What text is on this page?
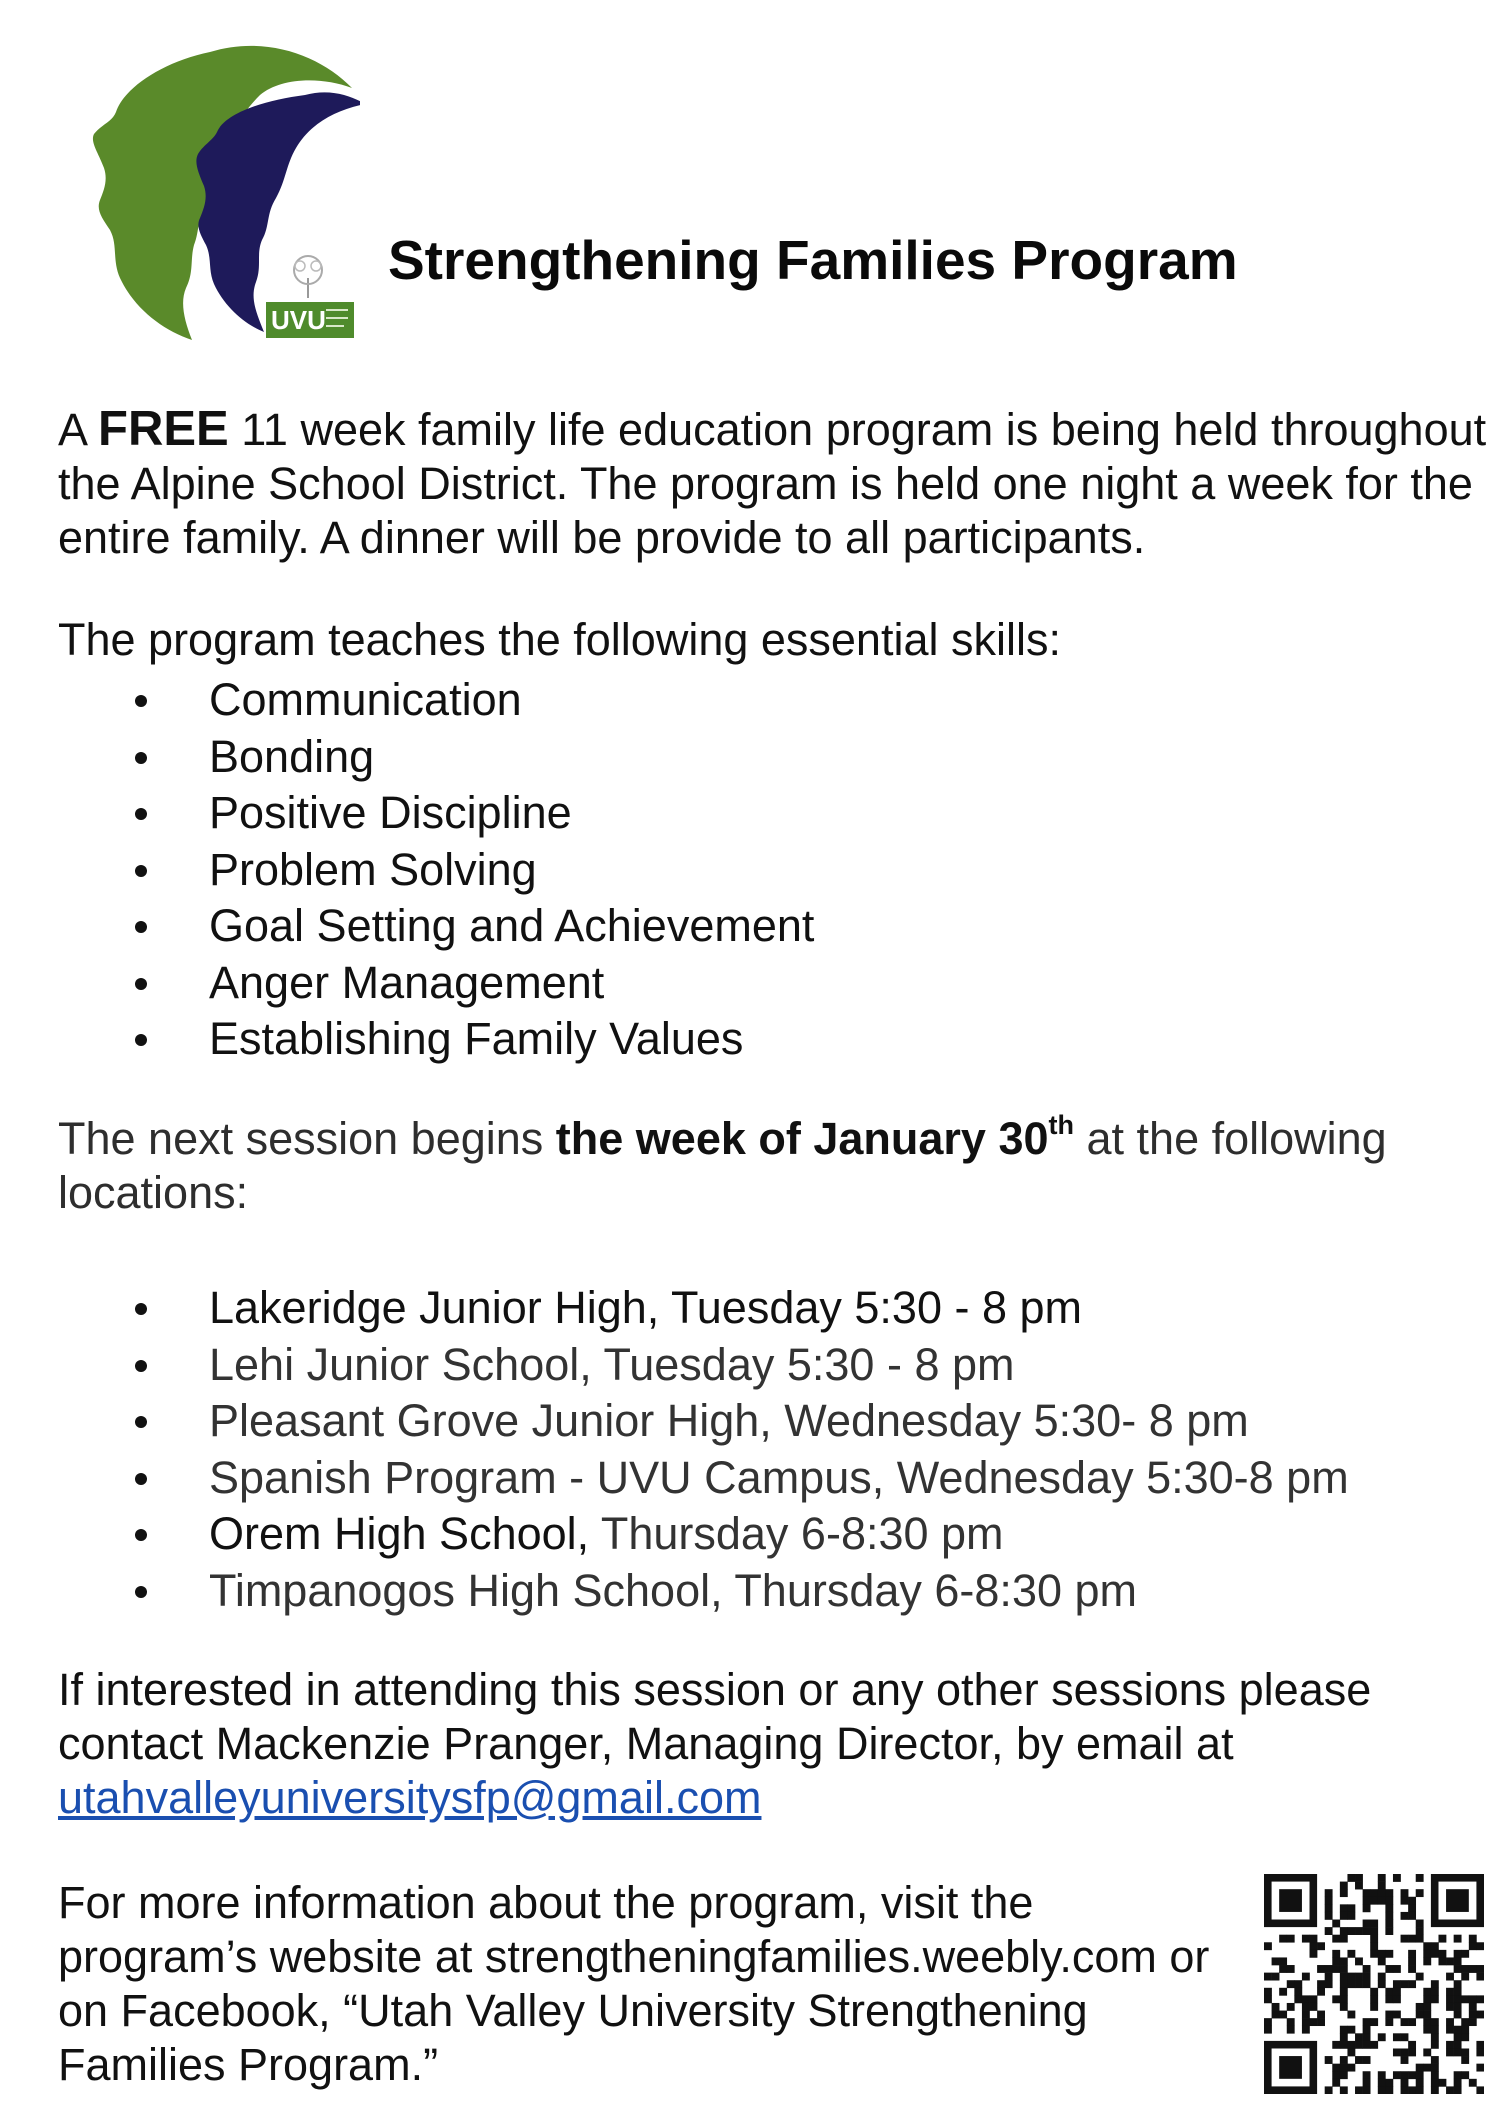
UVU
Strengthening Families Program
A FREE 11 week family life education program is being held throughout the Alpine School District. The program is held one night a week for the entire family. A dinner will be provide to all participants.
The program teaches the following essential skills:
Communication
Bonding
Positive Discipline
Problem Solving
Goal Setting and Achievement
Anger Management
Establishing Family Values
The next session begins the week of January 30th at the following locations:
Lakeridge Junior High, Tuesday 5:30 - 8 pm
Lehi Junior School, Tuesday 5:30 - 8 pm
Pleasant Grove Junior High, Wednesday 5:30- 8 pm
Spanish Program - UVU Campus, Wednesday 5:30-8 pm
Orem High School, Thursday 6-8:30 pm
Timpanogos High School, Thursday 6-8:30 pm
If interested in attending this session or any other sessions please contact Mackenzie Pranger, Managing Director, by email at utahvalleyuniversitysfp@gmail.com
For more information about the program, visit the program’s website at strengtheningfamilies.weebly.com or on Facebook, “Utah Valley University Strengthening Families Program.”
